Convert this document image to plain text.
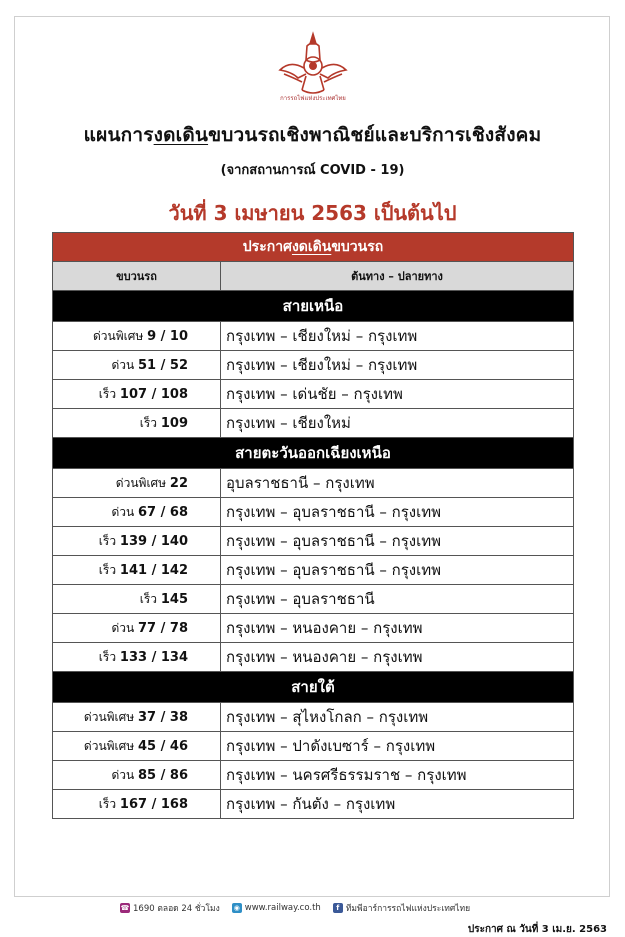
การรถไฟแห่งประเทศไทย
แผนการงดเดินขบวนรถเชิงพาณิชย์และบริการเชิงสังคม
(จากสถานการณ์ COVID - 19)
วันที่ 3 เมษายน 2563 เป็นต้นไป
ประกาศงดเดินขบวนรถ	
ขบวนรถ	ต้นทาง – ปลายทาง
สายเหนือ	
ด่วนพิเศษ 9 / 10	กรุงเทพ – เชียงใหม่ – กรุงเทพ
ด่วน 51 / 52	กรุงเทพ – เชียงใหม่ – กรุงเทพ
เร็ว 107 / 108	กรุงเทพ – เด่นชัย – กรุงเทพ
เร็ว 109	กรุงเทพ – เชียงใหม่
สายตะวันออกเฉียงเหนือ	
ด่วนพิเศษ 22	อุบลราชธานี – กรุงเทพ
ด่วน 67 / 68	กรุงเทพ – อุบลราชธานี – กรุงเทพ
เร็ว 139 / 140	กรุงเทพ – อุบลราชธานี – กรุงเทพ
เร็ว 141 / 142	กรุงเทพ – อุบลราชธานี – กรุงเทพ
เร็ว 145	กรุงเทพ – อุบลราชธานี
ด่วน 77 / 78	กรุงเทพ – หนองคาย – กรุงเทพ
เร็ว 133 / 134	กรุงเทพ – หนองคาย – กรุงเทพ
สายใต้	
ด่วนพิเศษ 37 / 38	กรุงเทพ – สุไหงโกลก – กรุงเทพ
ด่วนพิเศษ 45 / 46	กรุงเทพ – ปาดังเบซาร์ – กรุงเทพ
ด่วน 85 / 86	กรุงเทพ – นครศรีธรรมราช – กรุงเทพ
เร็ว 167 / 168	กรุงเทพ – กันตัง – กรุงเทพ
☎ 1690 ตลอด 24 ชั่วโมง ◉ www.railway.co.th	f ทีมพีอาร์การรถไฟแห่งประเทศไทย
ประกาศ ณ วันที่ 3 เม.ย. 2563
